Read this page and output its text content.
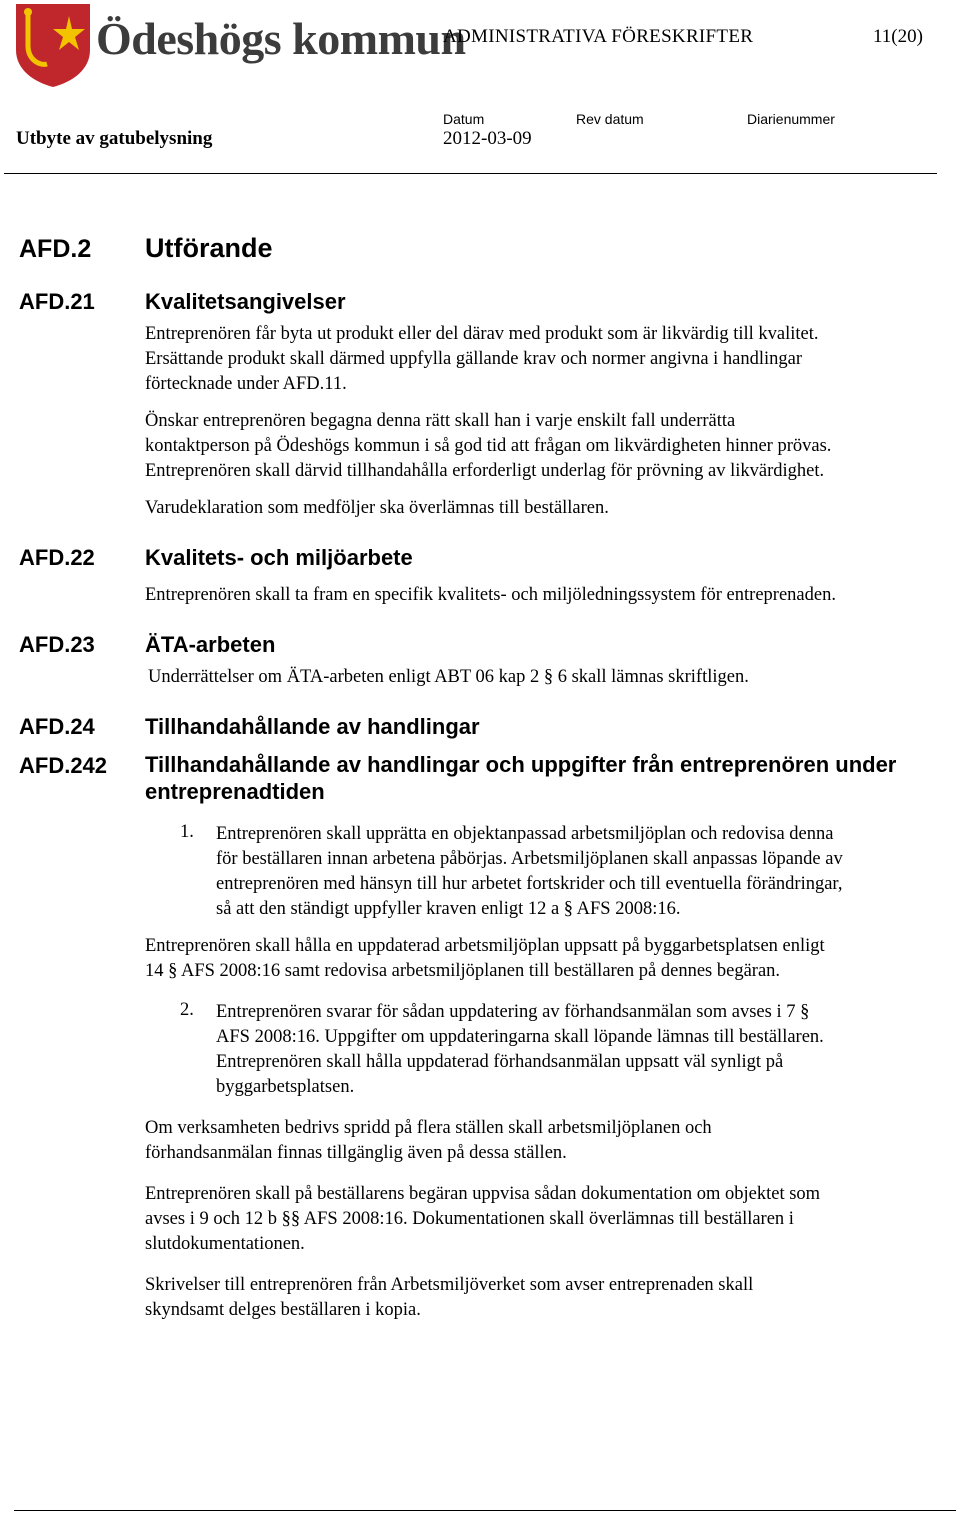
Ödeshögs kommun
ADMINISTRATIVA FÖRESKRIFTER	11(20)
Datum	Rev datum	Diarienummer
Utbyte av gatubelysning	2012-03-09
AFD.2 Utförande
AFD.21 Kvalitetsangivelser
Entreprenören får byta ut produkt eller del därav med produkt som är likvärdig till kvalitet.
Ersättande produkt skall därmed uppfylla gällande krav och normer angivna i handlingar
förtecknade under AFD.11.
Önskar entreprenören begagna denna rätt skall han i varje enskilt fall underrätta
kontaktperson på Ödeshögs kommun i så god tid att frågan om likvärdigheten hinner prövas.
Entreprenören skall därvid tillhandahålla erforderligt underlag för prövning av likvärdighet.
Varudeklaration som medföljer ska överlämnas till beställaren.
AFD.22 Kvalitets- och miljöarbete
Entreprenören skall ta fram en specifik kvalitets- och miljöledningssystem för entreprenaden.
AFD.23 ÄTA-arbeten
Underrättelser om ÄTA-arbeten enligt ABT 06 kap 2 § 6 skall lämnas skriftligen.
AFD.24 Tillhandahållande av handlingar
AFD.242 Tillhandahållande av handlingar och uppgifter från entreprenören under entreprenadtiden
1. Entreprenören skall upprätta en objektanpassad arbetsmiljöplan och redovisa denna
för beställaren innan arbetena påbörjas. Arbetsmiljöplanen skall anpassas löpande av
entreprenören med hänsyn till hur arbetet fortskrider och till eventuella förändringar,
så att den ständigt uppfyller kraven enligt 12 a § AFS 2008:16.
Entreprenören skall hålla en uppdaterad arbetsmiljöplan uppsatt på byggarbetsplatsen enligt
14 § AFS 2008:16 samt redovisa arbetsmiljöplanen till beställaren på dennes begäran.
2. Entreprenören svarar för sådan uppdatering av förhandsanmälan som avses i 7 §
AFS 2008:16. Uppgifter om uppdateringarna skall löpande lämnas till beställaren.
Entreprenören skall hålla uppdaterad förhandsanmälan uppsatt väl synligt på
byggarbetsplatsen.
Om verksamheten bedrivs spridd på flera ställen skall arbetsmiljöplanen och
förhandsanmälan finnas tillgänglig även på dessa ställen.
Entreprenören skall på beställarens begäran uppvisa sådan dokumentation om objektet som
avses i 9 och 12 b §§ AFS 2008:16. Dokumentationen skall överlämnas till beställaren i
slutdokumentationen.
Skrivelser till entreprenören från Arbetsmiljöverket som avser entreprenaden skall
skyndsamt delges beställaren i kopia.
